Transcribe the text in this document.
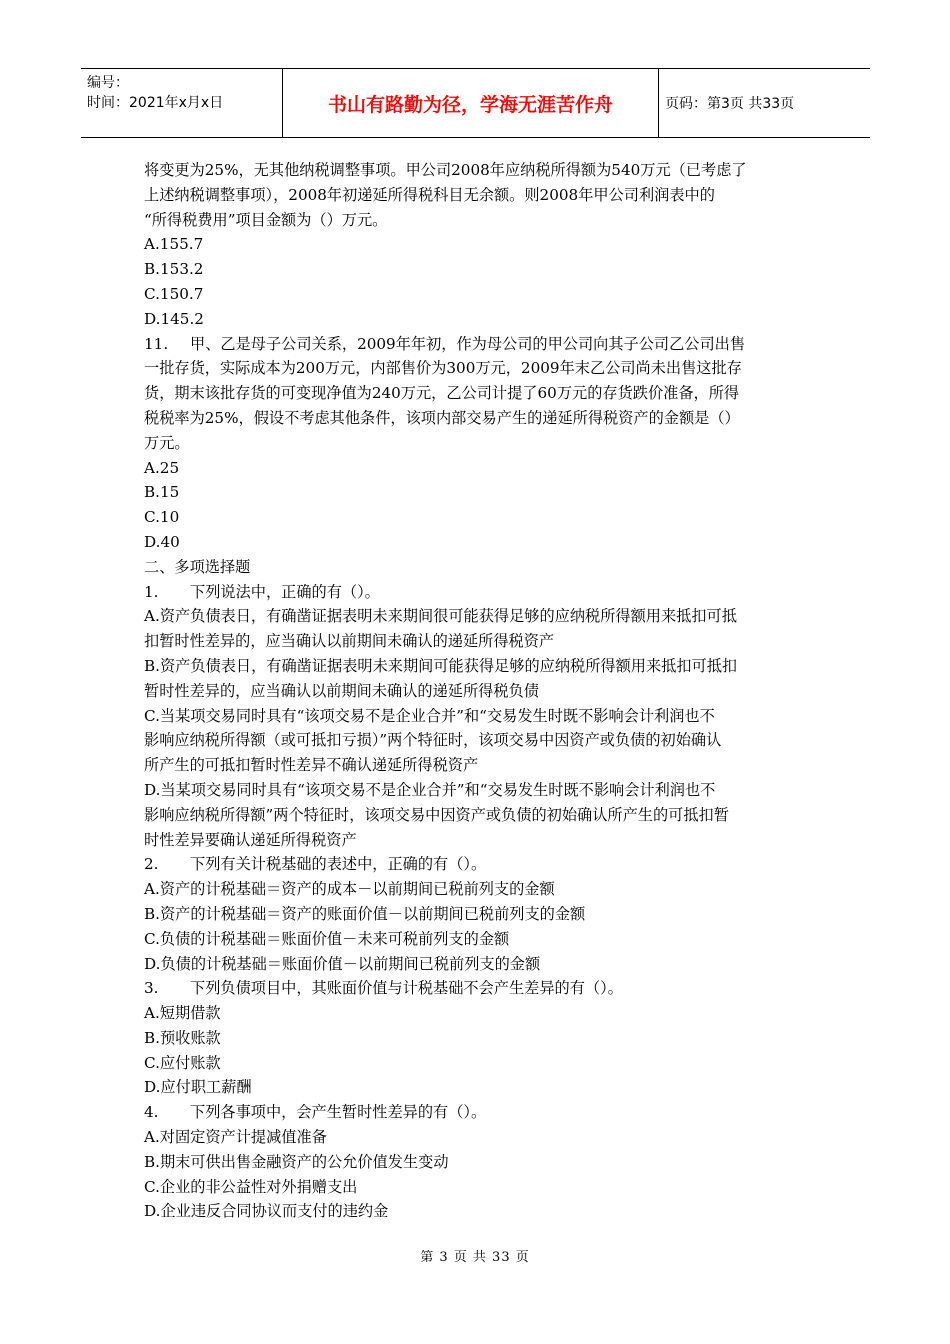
编号：
时间：2021年x月x日	书山有路勤为径，学海无涯苦作舟	页码：第3页 共33页

将变更为25%，无其他纳税调整事项。甲公司2008年应纳税所得额为540万元（已考虑了

上述纳税调整事项），2008年初递延所得税科目无余额。则2008年甲公司利润表中的

“所得税费用”项目金额为（）万元。

A.155.7

B.153.2

C.150.7

D.145.2

11. 甲、乙是母子公司关系，2009年年初，作为母公司的甲公司向其子公司乙公司出售

一批存货，实际成本为200万元，内部售价为300万元，2009年末乙公司尚未出售这批存

货，期末该批存货的可变现净值为240万元，乙公司计提了60万元的存货跌价准备，所得

税税率为25%，假设不考虑其他条件，该项内部交易产生的递延所得税资产的金额是（）

万元。

A.25

B.15

C.10

D.40

二、多项选择题

1. 下列说法中，正确的有（）。

A.资产负债表日，有确凿证据表明未来期间很可能获得足够的应纳税所得额用来抵扣可抵

扣暂时性差异的，应当确认以前期间未确认的递延所得税资产

B.资产负债表日，有确凿证据表明未来期间可能获得足够的应纳税所得额用来抵扣可抵扣

暂时性差异的，应当确认以前期间未确认的递延所得税负债

C.当某项交易同时具有“该项交易不是企业合并”和“交易发生时既不影响会计利润也不

影响应纳税所得额（或可抵扣亏损）”两个特征时，该项交易中因资产或负债的初始确认

所产生的可抵扣暂时性差异不确认递延所得税资产

D.当某项交易同时具有“该项交易不是企业合并”和“交易发生时既不影响会计利润也不

影响应纳税所得额”两个特征时，该项交易中因资产或负债的初始确认所产生的可抵扣暂

时性差异要确认递延所得税资产

2. 下列有关计税基础的表述中，正确的有（）。

A.资产的计税基础＝资产的成本－以前期间已税前列支的金额

B.资产的计税基础＝资产的账面价值－以前期间已税前列支的金额

C.负债的计税基础＝账面价值－未来可税前列支的金额

D.负债的计税基础＝账面价值－以前期间已税前列支的金额

3. 下列负债项目中，其账面价值与计税基础不会产生差异的有（）。

A.短期借款

B.预收账款

C.应付账款

D.应付职工薪酬

4. 下列各事项中，会产生暂时性差异的有（）。

A.对固定资产计提减值准备

B.期末可供出售金融资产的公允价值发生变动

C.企业的非公益性对外捐赠支出

D.企业违反合同协议而支付的违约金

第 3 页 共 33 页
